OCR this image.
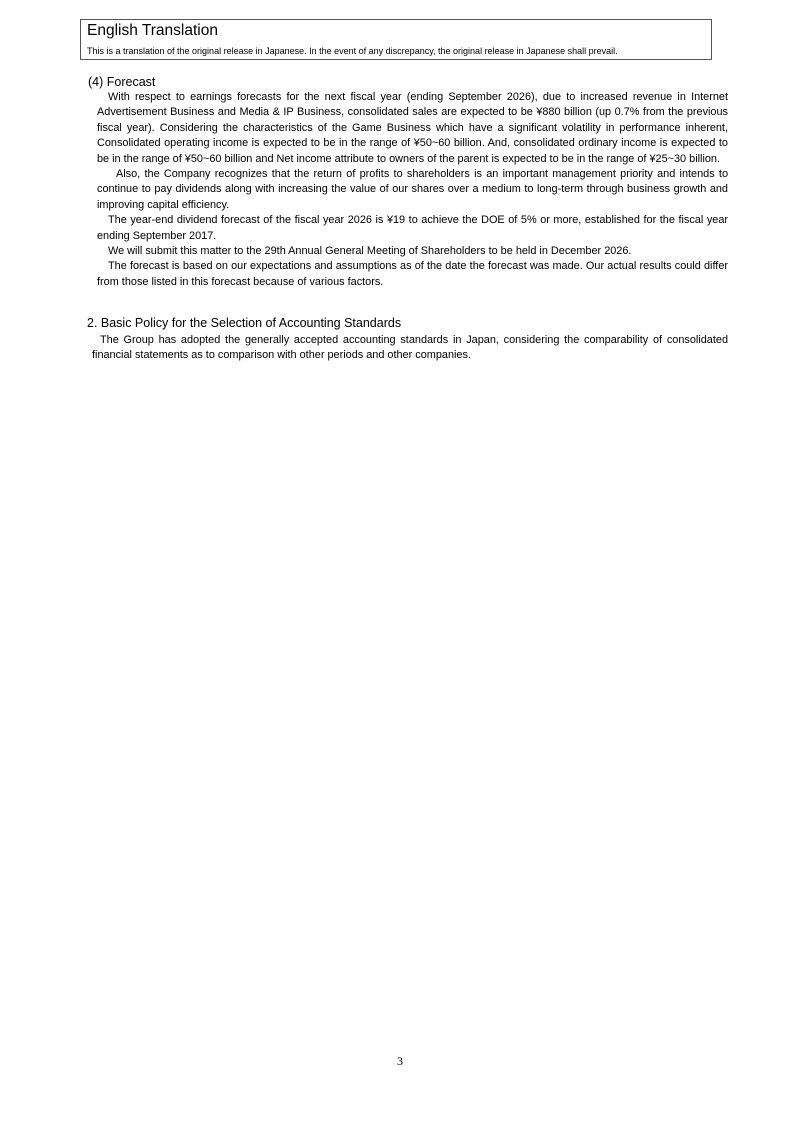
English Translation
This is a translation of the original release in Japanese. In the event of any discrepancy, the original release in Japanese shall prevail.
(4) Forecast

With respect to earnings forecasts for the next fiscal year (ending September 2026), due to increased revenue in Internet Advertisement Business and Media & IP Business, consolidated sales are expected to be ¥880 billion (up 0.7% from the previous fiscal year). Considering the characteristics of the Game Business which have a significant volatility in performance inherent, Consolidated operating income is expected to be in the range of ¥50~60 billion. And, consolidated ordinary income is expected to be in the range of ¥50~60 billion and Net income attribute to owners of the parent is expected to be in the range of ¥25~30 billion.

Also, the Company recognizes that the return of profits to shareholders is an important management priority and intends to continue to pay dividends along with increasing the value of our shares over a medium to long-term through business growth and improving capital efficiency.

The year-end dividend forecast of the fiscal year 2026 is ¥19 to achieve the DOE of 5% or more, established for the fiscal year ending September 2017.

We will submit this matter to the 29th Annual General Meeting of Shareholders to be held in December 2026.

The forecast is based on our expectations and assumptions as of the date the forecast was made. Our actual results could differ from those listed in this forecast because of various factors.

2. Basic Policy for the Selection of Accounting Standards

The Group has adopted the generally accepted accounting standards in Japan, considering the comparability of consolidated financial statements as to comparison with other periods and other companies.

3
